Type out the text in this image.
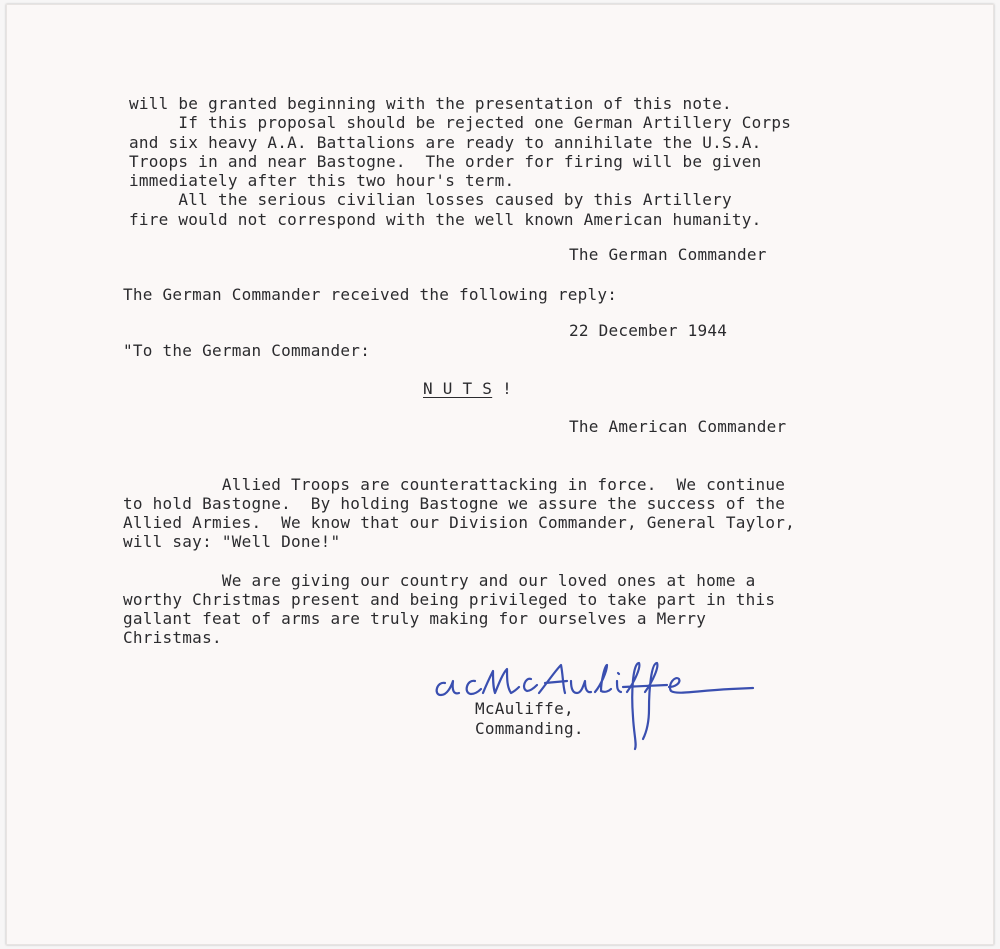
will be granted beginning with the presentation of this note.
If this proposal should be rejected one German Artillery Corps
and six heavy A.A. Battalions are ready to annihilate the U.S.A.
Troops in and near Bastogne.  The order for firing will be given
immediately after this two hour's term.
All the serious civilian losses caused by this Artillery
fire would not correspond with the well known American humanity.
The German Commander
The German Commander received the following reply:
22 December 1944
"To the German Commander:
N U T S !
The American Commander
Allied Troops are counterattacking in force.  We continue
to hold Bastogne.  By holding Bastogne we assure the success of the
Allied Armies.  We know that our Division Commander, General Taylor,
will say: "Well Done!"
We are giving our country and our loved ones at home a
worthy Christmas present and being privileged to take part in this
gallant feat of arms are truly making for ourselves a Merry
Christmas.
McAuliffe,
Commanding.
